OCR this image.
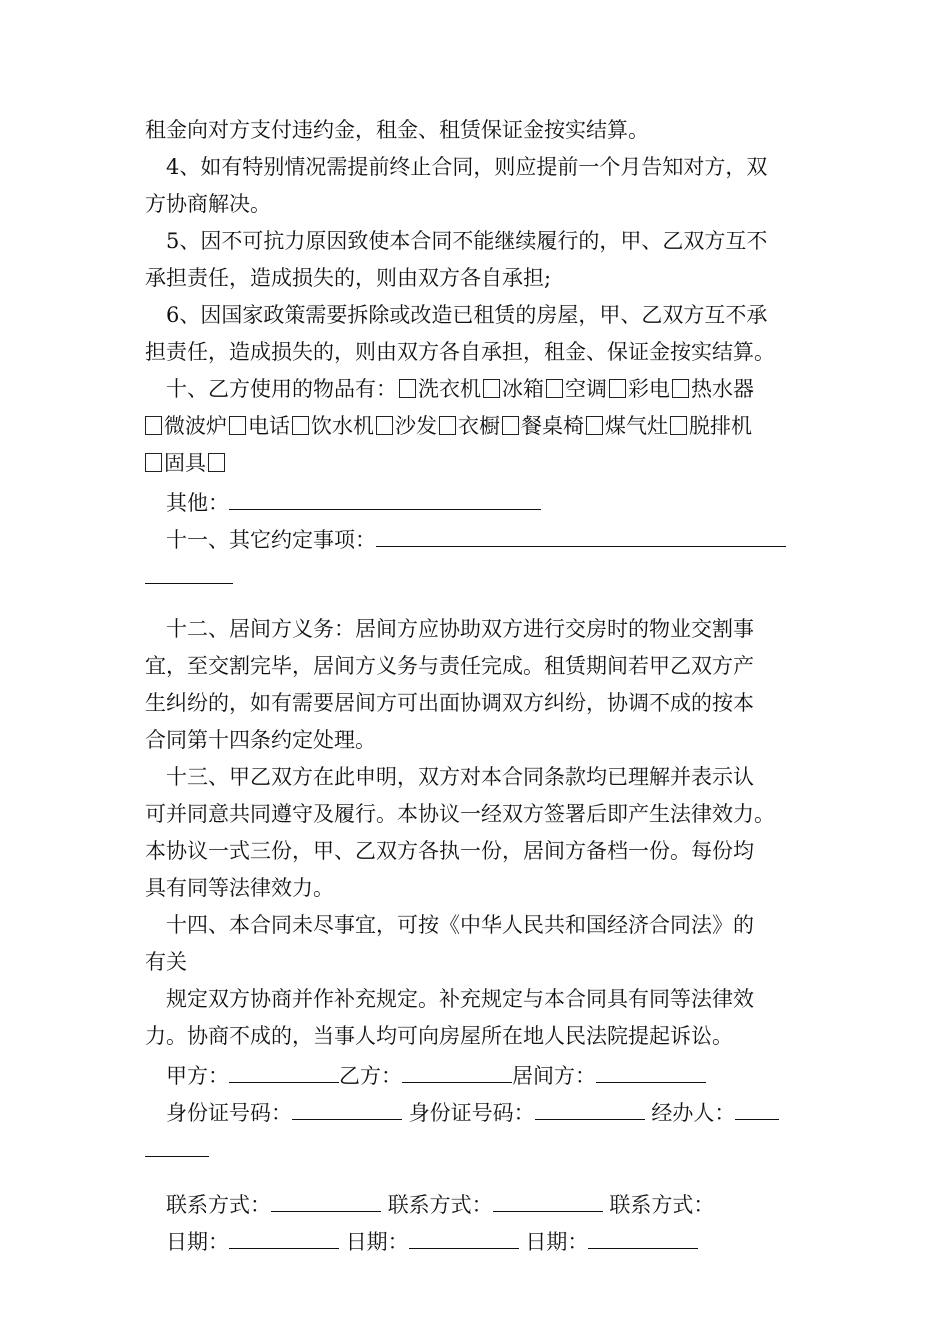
租金向对方支付违约金，租金、租赁保证金按实结算。
4、如有特别情况需提前终止合同，则应提前一个月告知对方，双
方协商解决。
5、因不可抗力原因致使本合同不能继续履行的，甲、乙双方互不
承担责任，造成损失的，则由双方各自承担;
6、因国家政策需要拆除或改造已租赁的房屋，甲、乙双方互不承
担责任，造成损失的，则由双方各自承担，租金、保证金按实结算。
十、乙方使用的物品有： 洗衣机 冰箱 空调 彩电 热水器
微波炉 电话 饮水机 沙发 衣橱 餐桌椅 煤气灶 脱排机
固具
其他：
十一、其它约定事项：
十二、居间方义务：居间方应协助双方进行交房时的物业交割事
宜，至交割完毕，居间方义务与责任完成。租赁期间若甲乙双方产
生纠纷的，如有需要居间方可出面协调双方纠纷，协调不成的按本
合同第十四条约定处理。
十三、甲乙双方在此申明，双方对本合同条款均已理解并表示认
可并同意共同遵守及履行。本协议一经双方签署后即产生法律效力。
本协议一式三份，甲、乙双方各执一份，居间方备档一份。每份均
具有同等法律效力。
十四、本合同未尽事宜，可按《中华人民共和国经济合同法》的
有关
规定双方协商并作补充规定。补充规定与本合同具有同等法律效
力。协商不成的，当事人均可向房屋所在地人民法院提起诉讼。
甲方：	乙方：	居间方：
身份证号码：	身份证号码：	经办人：
联系方式：	联系方式：	联系方式：
日期：	日期：	日期：
